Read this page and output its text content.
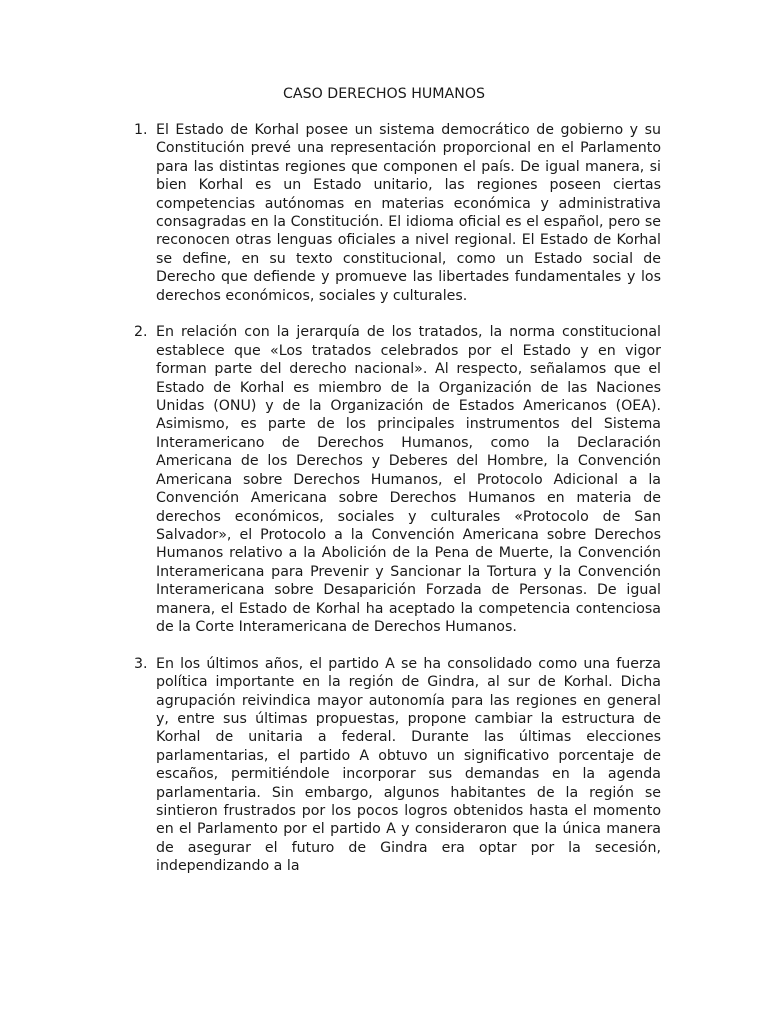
CASO DERECHOS HUMANOS
1. El Estado de Korhal posee un sistema democrático de gobierno y su Constitución prevé una representación proporcional en el Parlamento para las distintas regiones que componen el país. De igual manera, si bien Korhal es un Estado unitario, las regiones poseen ciertas competencias autónomas en materias económica y administrativa consagradas en la Constitución. El idioma oficial es el español, pero se reconocen otras lenguas oficiales a nivel regional. El Estado de Korhal se define, en su texto constitucional, como un Estado social de Derecho que defiende y promueve las libertades fundamentales y los derechos económicos, sociales y culturales.
2. En relación con la jerarquía de los tratados, la norma constitucional establece que «Los tratados celebrados por el Estado y en vigor forman parte del derecho nacional». Al respecto, señalamos que el Estado de Korhal es miembro de la Organización de las Naciones Unidas (ONU) y de la Organización de Estados Americanos (OEA). Asimismo, es parte de los principales instrumentos del Sistema Interamericano de Derechos Humanos, como la Declaración Americana de los Derechos y Deberes del Hombre, la Convención Americana sobre Derechos Humanos, el Protocolo Adicional a la Convención Americana sobre Derechos Humanos en materia de derechos económicos, sociales y culturales «Protocolo de San Salvador», el Protocolo a la Convención Americana sobre Derechos Humanos relativo a la Abolición de la Pena de Muerte, la Convención Interamericana para Prevenir y Sancionar la Tortura y la Convención Interamericana sobre Desaparición Forzada de Personas. De igual manera, el Estado de Korhal ha aceptado la competencia contenciosa de la Corte Interamericana de Derechos Humanos.
3. En los últimos años, el partido A se ha consolidado como una fuerza política importante en la región de Gindra, al sur de Korhal. Dicha agrupación reivindica mayor autonomía para las regiones en general y, entre sus últimas propuestas, propone cambiar la estructura de Korhal de unitaria a federal. Durante las últimas elecciones parlamentarias, el partido A obtuvo un significativo porcentaje de escaños, permitiéndole incorporar sus demandas en la agenda parlamentaria. Sin embargo, algunos habitantes de la región se sintieron frustrados por los pocos logros obtenidos hasta el momento en el Parlamento por el partido A y consideraron que la única manera de asegurar el futuro de Gindra era optar por la secesión, independizando a la
